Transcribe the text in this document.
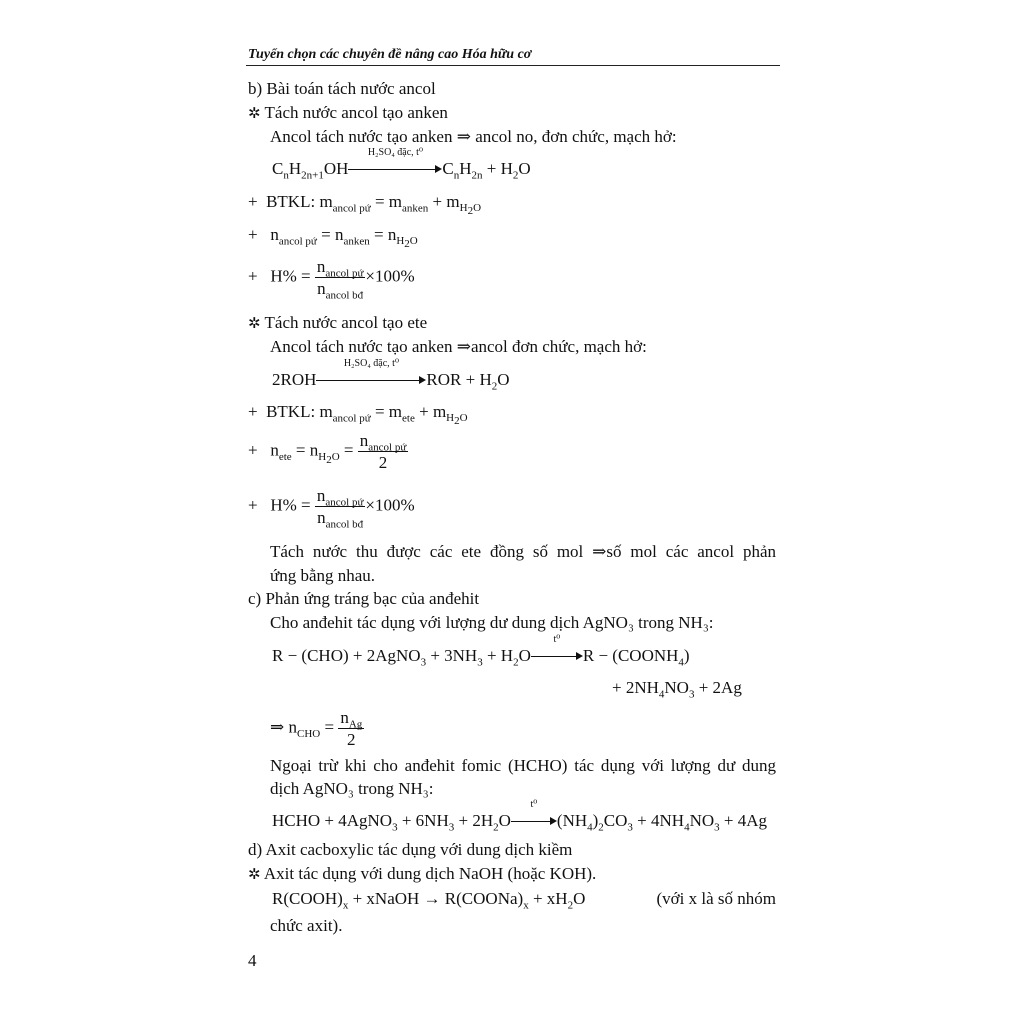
Tuyển chọn các chuyên đề nâng cao Hóa hữu cơ
b) Bài toán tách nước ancol
✲ Tách nước ancol tạo anken
Ancol tách nước tạo anken ⇒ ancol no, đơn chức, mạch hở:
$C_nH_{2n+1}OH$
H₂SO₄ đặc, t⁰
$C_nH_{2n} + H_2O$
+  BTKL: $m_{ancol pứ} = m_{anken} + m_{H_2O}$
+   $n_{ancol pứ} = n_{anken} = n_{H_2O}$
+   $H\% = \frac{n_{ancol pứ}}{n_{ancol bđ}} \times 100\%$
✲ Tách nước ancol tạo ete
Ancol tách nước tạo anken ⇒ancol đơn chức, mạch hở:
2ROH
H₂SO₄ đặc, t⁰
ROR + $H_2O$
+  BTKL: $m_{ancol pứ} = m_{ete} + m_{H_2O}$
+   $n_{ete} = n_{H_2O} = \frac{n_{ancol pứ}}{2}$
+   $H\% = \frac{n_{ancol pứ}}{n_{ancol bđ}} \times 100\%$
Tách nước thu được các ete đồng số mol ⇒số mol các ancol phản
ứng bằng nhau.
c) Phản ứng tráng bạc của anđehit
Cho anđehit tác dụng với lượng dư dung dịch AgNO₃ trong NH₃:
R − (CHO) + 2AgNO$_3$ + $3NH_3 + H_2O$
t⁰
$R - (COONH_4)$
+ $2NH_4NO_3 + 2Ag$
⇒ $n_{CHO} = \frac{n_{Ag}}{2}$
Ngoại trừ khi cho anđehit fomic (HCHO) tác dụng với lượng dư dung
dịch AgNO₃ trong NH₃:
HCHO + 4AgNO$_3$ + $6NH_3 + 2H_2O$
t⁰
$(NH_4)_2CO_3 + 4NH_4NO_3 + 4Ag$
d) Axit cacboxylic tác dụng với dung dịch kiềm
✲ Axit tác dụng với dung dịch NaOH (hoặc KOH).
$R(COOH)_x$ + xNaOH → $R(COONa)_x + xH_2O$	(với x là số nhóm
chức axit).
4
